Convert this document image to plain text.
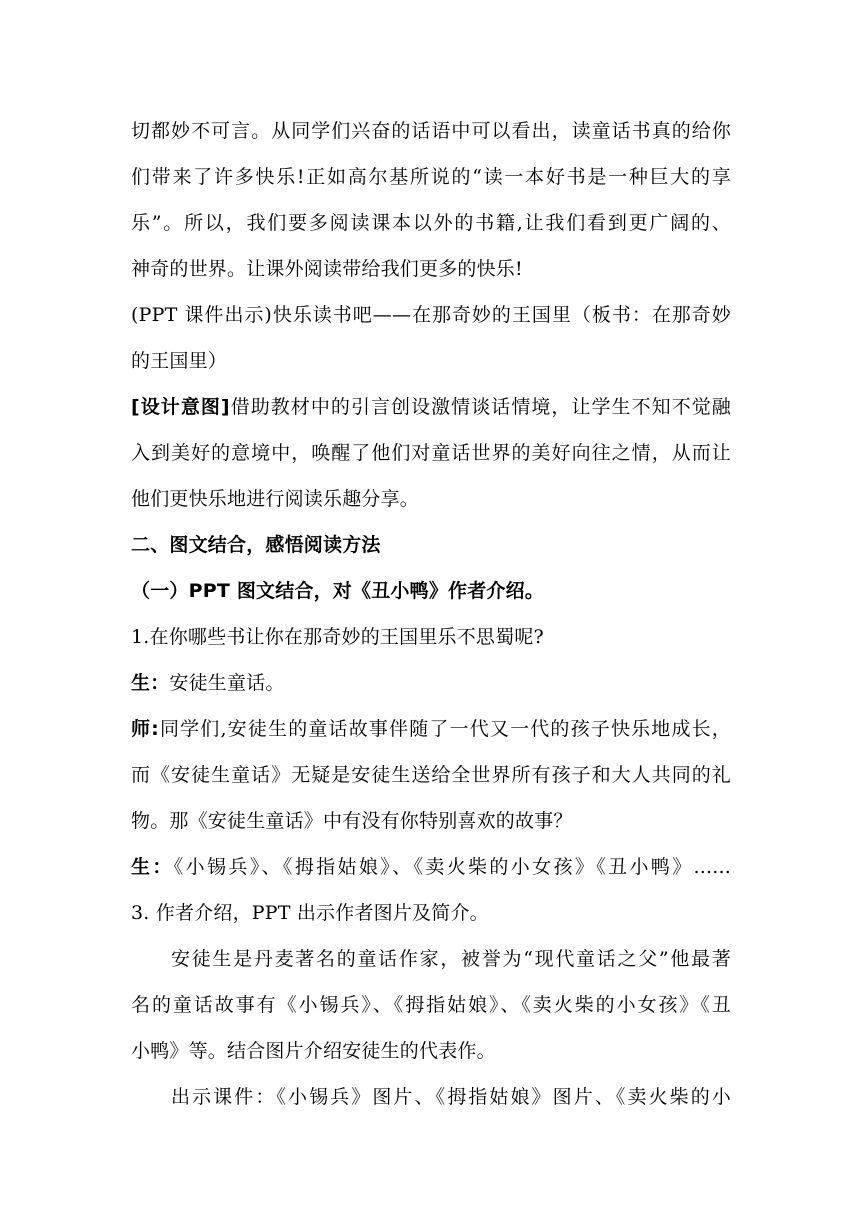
切都妙不可言。从同学们兴奋的话语中可以看出，读童话书真的给你
们带来了许多快乐!正如高尔基所说的“读一本好书是一种巨大的享
乐”。所以，我们要多阅读课本以外的书籍,让我们看到更广阔的、
神奇的世界。让课外阅读带给我们更多的快乐!
(PPT 课件出示)快乐读书吧——在那奇妙的王国里（板书：在那奇妙
的王国里）
[设计意图]借助教材中的引言创设激情谈话情境，让学生不知不觉融
入到美好的意境中，唤醒了他们对童话世界的美好向往之情，从而让
他们更快乐地进行阅读乐趣分享。
二、图文结合，感悟阅读方法
（一）PPT 图文结合，对《丑小鸭》作者介绍。
1.在你哪些书让你在那奇妙的王国里乐不思蜀呢?
生：安徒生童话。
师:同学们,安徒生的童话故事伴随了一代又一代的孩子快乐地成长，
而《安徒生童话》无疑是安徒生送给全世界所有孩子和大人共同的礼
物。那《安徒生童话》中有没有你特别喜欢的故事？
生：《小锡兵》、《拇指姑娘》、《卖火柴的小女孩》《丑小鸭》......
3. 作者介绍，PPT 出示作者图片及简介。
安徒生是丹麦著名的童话作家，被誉为“现代童话之父”他最著
名的童话故事有《小锡兵》、《拇指姑娘》、《卖火柴的小女孩》《丑
小鸭》等。结合图片介绍安徒生的代表作。
出示课件：《小锡兵》图片、《拇指姑娘》图片、《卖火柴的小
